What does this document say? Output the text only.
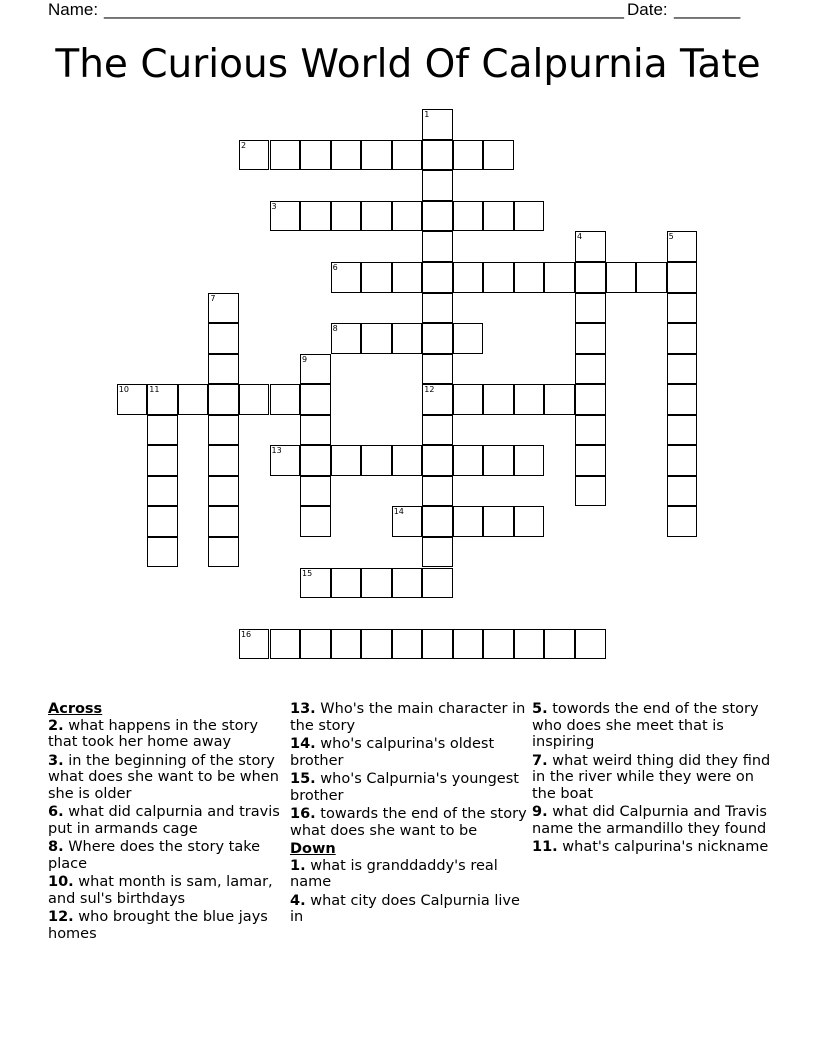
Name: _______________________________________________________ Date: _______
The Curious World Of Calpurnia Tate
1
12
2
3
4	5
6
7
8
9
10	11
13
14
15
16
Across
2. what happens in the story that took her home away
3. in the beginning of the story what does she want to be when she is older
6. what did calpurnia and travis put in armands cage
8. Where does the story take place
10. what month is sam, lamar, and sul's birthdays
12. who brought the blue jays homes
13. Who's the main character in the story
14. who's calpurina's oldest brother
15. who's Calpurnia's youngest brother
16. towards the end of the story what does she want to be
Down
1. what is granddaddy's real name
4. what city does Calpurnia live in
5. towords the end of the story who does she meet that is inspiring
7. what weird thing did they find in the river while they were on the boat
9. what did Calpurnia and Travis name the armandillo they found
11. what's calpurina's nickname
